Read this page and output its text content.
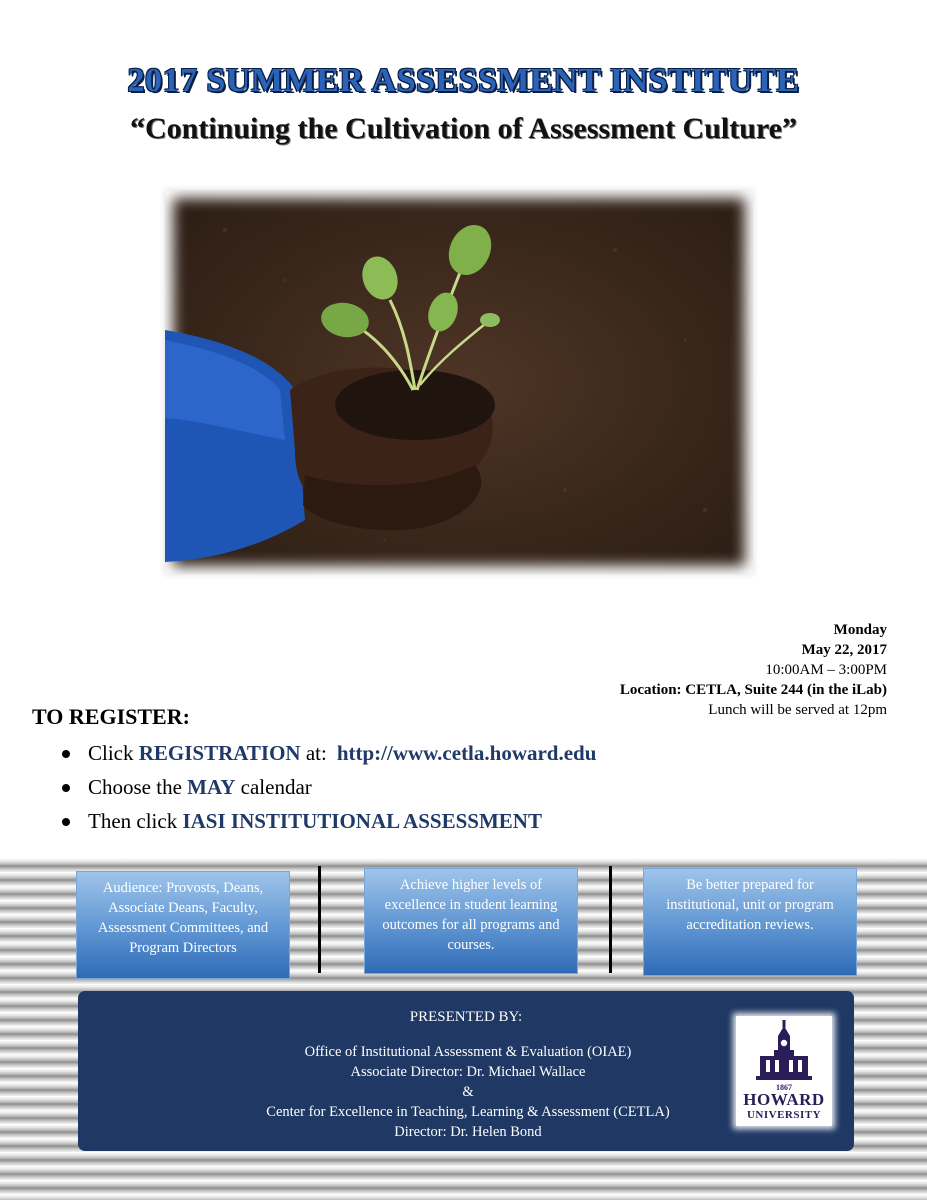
2017 SUMMER ASSESSMENT INSTITUTE
“Continuing the Cultivation of Assessment Culture”
Monday
May 22, 2017
10:00AM – 3:00PM
Location: CETLA, Suite 244 (in the iLab)
Lunch will be served at 12pm
TO REGISTER:
Click REGISTRATION at: http://www.cetla.howard.edu
Choose the MAY calendar
Then click IASI INSTITUTIONAL ASSESSMENT
Audience: Provosts, Deans, Associate Deans, Faculty, Assessment Committees, and Program Directors
Achieve higher levels of excellence in student learning outcomes for all programs and courses.
Be better prepared for institutional, unit or program accreditation reviews.
PRESENTED BY:
Office of Institutional Assessment & Evaluation (OIAE)
Associate Director: Dr. Michael Wallace
&
Center for Excellence in Teaching, Learning & Assessment (CETLA)
Director: Dr. Helen Bond
1867
HOWARD
UNIVERSITY
